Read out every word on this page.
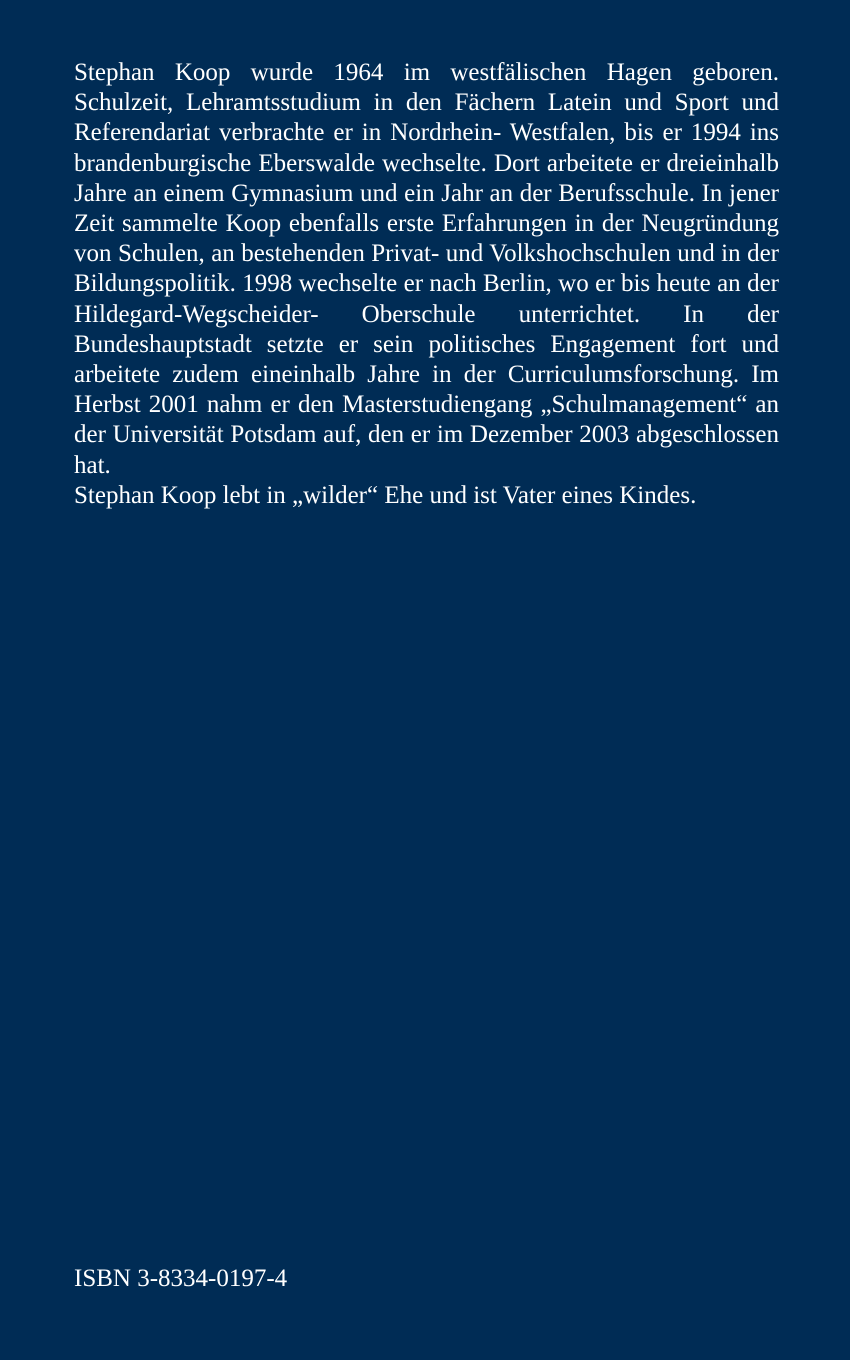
Stephan Koop wurde 1964 im westfälischen Hagen geboren. Schulzeit, Lehramtsstudium in den Fächern Latein und Sport und Referendariat verbrachte er in Nordrhein- Westfalen, bis er 1994 ins brandenburgische Eberswalde wechselte. Dort arbeitete er dreieinhalb Jahre an einem Gymnasium und ein Jahr an der Berufsschule. In jener Zeit sammelte Koop ebenfalls erste Erfahrungen in der Neugründung von Schulen, an bestehenden Privat- und Volkshochschulen und in der Bildungspolitik. 1998 wechselte er nach Berlin, wo er bis heute an der Hildegard-Wegscheider- Oberschule unterrichtet. In der Bundeshauptstadt setzte er sein politisches Engagement fort und arbeitete zudem eineinhalb Jahre in der Curriculumsforschung. Im Herbst 2001 nahm er den Masterstudiengang „Schulmanagement“ an der Universität Potsdam auf, den er im Dezember 2003 abgeschlossen hat.

Stephan Koop lebt in „wilder“ Ehe und ist Vater eines Kindes.

ISBN 3-8334-0197-4
